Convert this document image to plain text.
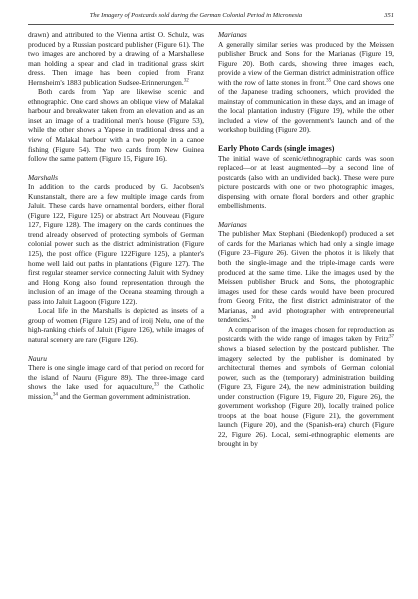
The Imagery of Postcards sold during the German Colonial Period in Micronesia	351

drawn) and attributed to the Vienna artist O. Schulz, was produced by a Russian postcard publisher (Figure 61). The two images are anchored by a drawing of a Marshallese man holding a spear and clad in traditional grass skirt dress. Then image has been copied from Franz Hernsheim's 1883 publication Sudsee-Erinnerungen.$^{32}$

Both cards from Yap are likewise scenic and ethnographic. One card shows an oblique view of Malakal harbour and breakwater taken from an elevation and as an inset an image of a traditional men's house (Figure 53), while the other shows a Yapese in traditional dress and a view of Malakal harbour with a two people in a canoe fishing (Figure 54). The two cards from New Guinea follow the same pattern (Figure 15, Figure 16).

Marshalls

In addition to the cards produced by G. Jacobsen's Kunstanstalt, there are a few multiple image cards from Jaluit. These cards have ornamental borders, either floral (Figure 122, Figure 125) or abstract Art Nouveau (Figure 127, Figure 128). The imagery on the cards continues the trend already observed of protecting symbols of German colonial power such as the district administration (Figure 125), the post office (Figure 122Figure 125), a planter's home well laid out paths in plantations (Figure 127). The first regular steamer service connecting Jaluit with Sydney and Hong Kong also found representation through the inclusion of an image of the Oceana steaming through a pass into Jaluit Lagoon (Figure 122).

Local life in the Marshalls is depicted as insets of a group of women (Figure 125) and of iroij Nelu, one of the high-ranking chiefs of Jaluit (Figure 126), while images of natural scenery are rare (Figure 126).

Nauru

There is one single image card of that period on record for the island of Nauru (Figure 89). The three-image card shows the lake used for aquaculture,$^{33}$ the Catholic mission,$^{34}$ and the German government administration.

Marianas

A generally similar series was produced by the Meissen publisher Bruck and Sons for the Marianas (Figure 19, Figure 20). Both cards, showing three images each, provide a view of the German district administration office with the row of latte stones in front.$^{35}$ One card shows one of the Japanese trading schooners, which provided the mainstay of communication in these days, and an image of the local plantation industry (Figure 19), while the other included a view of the government's launch and of the workshop building (Figure 20).

Early Photo Cards (single images)

The initial wave of scenic/ethnographic cards was soon replaced—or at least augmented—by a second line of postcards (also with an undivided back). These were pure picture postcards with one or two photographic images, dispensing with ornate floral borders and other graphic embellishments.

Marianas

The publisher Max Stephani (Biedenkopf) produced a set of cards for the Marianas which had only a single image (Figure 23–Figure 26). Given the photos it is likely that both the single-image and the triple-image cards were produced at the same time. Like the images used by the Meissen publisher Bruck and Sons, the photographic images used for these cards would have been procured from Georg Fritz, the first district administrator of the Marianas, and avid photographer with entrepreneurial tendencies.$^{36}$

A comparison of the images chosen for reproduction as postcards with the wide range of images taken by Fritz$^{37}$ shows a biased selection by the postcard publisher. The imagery selected by the publisher is dominated by architectural themes and symbols of German colonial power, such as the (temporary) administration building (Figure 23, Figure 24), the new administration building under construction (Figure 19, Figure 20, Figure 26), the government workshop (Figure 20), locally trained police troops at the boat house (Figure 21), the government launch (Figure 20), and the (Spanish-era) church (Figure 22, Figure 26). Local, semi-ethnographic elements are brought in by
